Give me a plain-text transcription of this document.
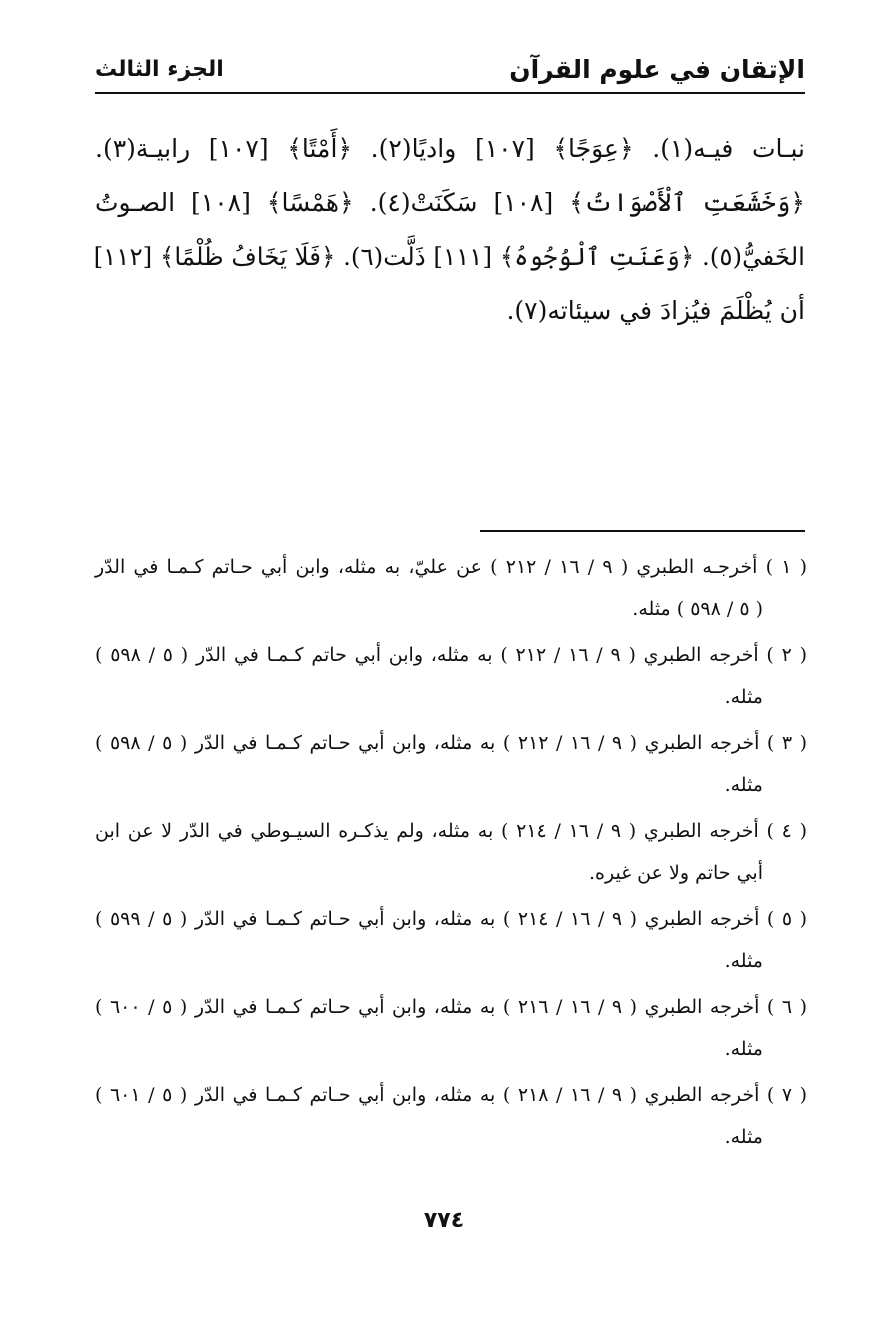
الإتقان في علوم القرآن
الجزء الثالث
نبـات فيـه(١). ﴿عِوَجًا﴾ [١٠٧] واديًا(٢). ﴿أَمْتًا﴾ [١٠٧] رابيـة(٣).
﴿وَخَشَعَتِ ٱلْأَصْوَاتُ﴾ [١٠٨] سَكَنَتْ(٤). ﴿هَمْسًا﴾ [١٠٨] الصـوتُ
الخَفيُّ(٥). ﴿وَعَنَتِ ٱلْوُجُوهُ﴾ [١١١] ذَلَّت(٦). ﴿فَلَا يَخَافُ ظُلْمًا﴾ [١١٢]
أن يُظْلَمَ فيُزادَ في سيئاته(٧).
( ١ ) أخرجـه الطبري ( ٩ / ١٦ / ٢١٢ ) عن عليّ، به مثله، وابن أبي حـاتم كـمـا في الدّر
( ٥ / ٥٩٨ ) مثله.
( ٢ ) أخرجه الطبري ( ٩ / ١٦ / ٢١٢ ) به مثله، وابن أبي حاتم كـمـا في الدّر ( ٥ / ٥٩٨ )
مثله.
( ٣ ) أخرجه الطبري ( ٩ / ١٦ / ٢١٢ ) به مثله، وابن أبي حـاتم كـمـا في الدّر ( ٥ / ٥٩٨ )
مثله.
( ٤ ) أخرجه الطبري ( ٩ / ١٦ / ٢١٤ ) به مثله، ولم يذكـره السيـوطي في الدّر لا عن ابن
أبي حاتم ولا عن غيره.
( ٥ ) أخرجه الطبري ( ٩ / ١٦ / ٢١٤ ) به مثله، وابن أبي حـاتم كـمـا في الدّر ( ٥ / ٥٩٩ )
مثله.
( ٦ ) أخرجه الطبري ( ٩ / ١٦ / ٢١٦ ) به مثله، وابن أبي حـاتم كـمـا في الدّر ( ٥ / ٦٠٠ )
مثله.
( ٧ ) أخرجه الطبري ( ٩ / ١٦ / ٢١٨ ) به مثله، وابن أبي حـاتم كـمـا في الدّر ( ٥ / ٦٠١ )
مثله.
٧٧٤
